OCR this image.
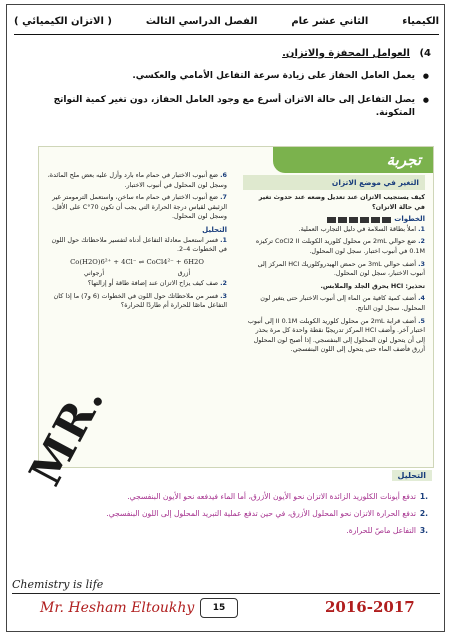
الكيمياء
الثاني عشر عام
الفصل الدراسي الثالث
( الاتزان الكيميائي )
4) العوامل المحفزة والاتزان.
● يعمل العامل الحفاز على زيادة سرعة التفاعل الأمامي والعكسي.
● يصل التفاعل إلى حالة الاتزان أسرع مع وجود العامل الحفاز، دون تغير كمية النواتج المتكونة.
تجربة
التغير في موضع الاتزان

كيف يستجيب الاتزان عند تعديل وضعه عند حدوث تغير في حالة الاتزان؟

الخطوات

1. املأ بطاقة السلامة في دليل التجارب العملية.

2. ضع حوالي 2mL من محلول كلوريد الكوبلت CoCl2 II تركيزه 0.1M في أنبوب اختبار. سجل لون المحلول.

3. أضف حوالي 3mL من حمض الهيدروكلوريك HCl المركز إلى أنبوب الاختبار، سجل لون المحلول.

تحذير: HCl يحرق الجلد والملابس.

4. أضف كمية كافية من الماء إلى أنبوب الاختبار حتى يتغير لون المحلول. سجل لون الناتج.

5. أضف قرابة 2mL من محلول كلوريد الكوبلت II 0.1M إلى أنبوب اختبار آخر. وأضف HCl المركز تدريجيًا نقطة واحدة كل مرة بحذر إلى أن يتحول لون المحلول إلى البنفسجي. إذا أصبح لون المحلول أزرق فأضف الماء حتى يتحول إلى اللون البنفسجي.

6. ضع أنبوب الاختبار في حمام ماء بارد وأزل عليه بعض ملح المائدة، وسجل لون المحلول في أنبوب الاختبار.

7. ضع أنبوب الاختبار في حمام ماء ساخن، واستعمل الترمومتر غير الزئبقي لقياس درجة الحرارة التي يجب أن تكون 70°C على الأقل، وسجل لون المحلول.

التحليل

1. فسر استعمل معادلة التفاعل أدناه لتفسير ملاحظاتك حول اللون في الخطوات 4–2.

Co(H2O)6²⁺ + 4Cl⁻ ⇌ CoCl4²⁻ + 6H2O
أزرق
أرجواني

2. صف كيف يزاح الاتزان عند إضافة طاقة أو إزالتها؟

3. فسر من ملاحظاتك حول اللون في الخطوات (6 و7) ما إذا كان التفاعل ماصًا للحرارة أم طاردًا للحرارة؟

التحليل
.1
تدفع أيونات الكلوريد الزائدة الاتزان نحو الأيون الأزرق، أما الماء فيدفعه نحو الأيون البنفسجي.
.2
تدفع الحرارة الاتزان نحو المحلول الأزرق، في حين تدفع عملية التبريد المحلول إلى اللون البنفسجي.
.3
التفاعل ماصّ للحرارة.
MR.
Chemistry is life
Mr. Hesham Eltoukhy	15	2016-2017
